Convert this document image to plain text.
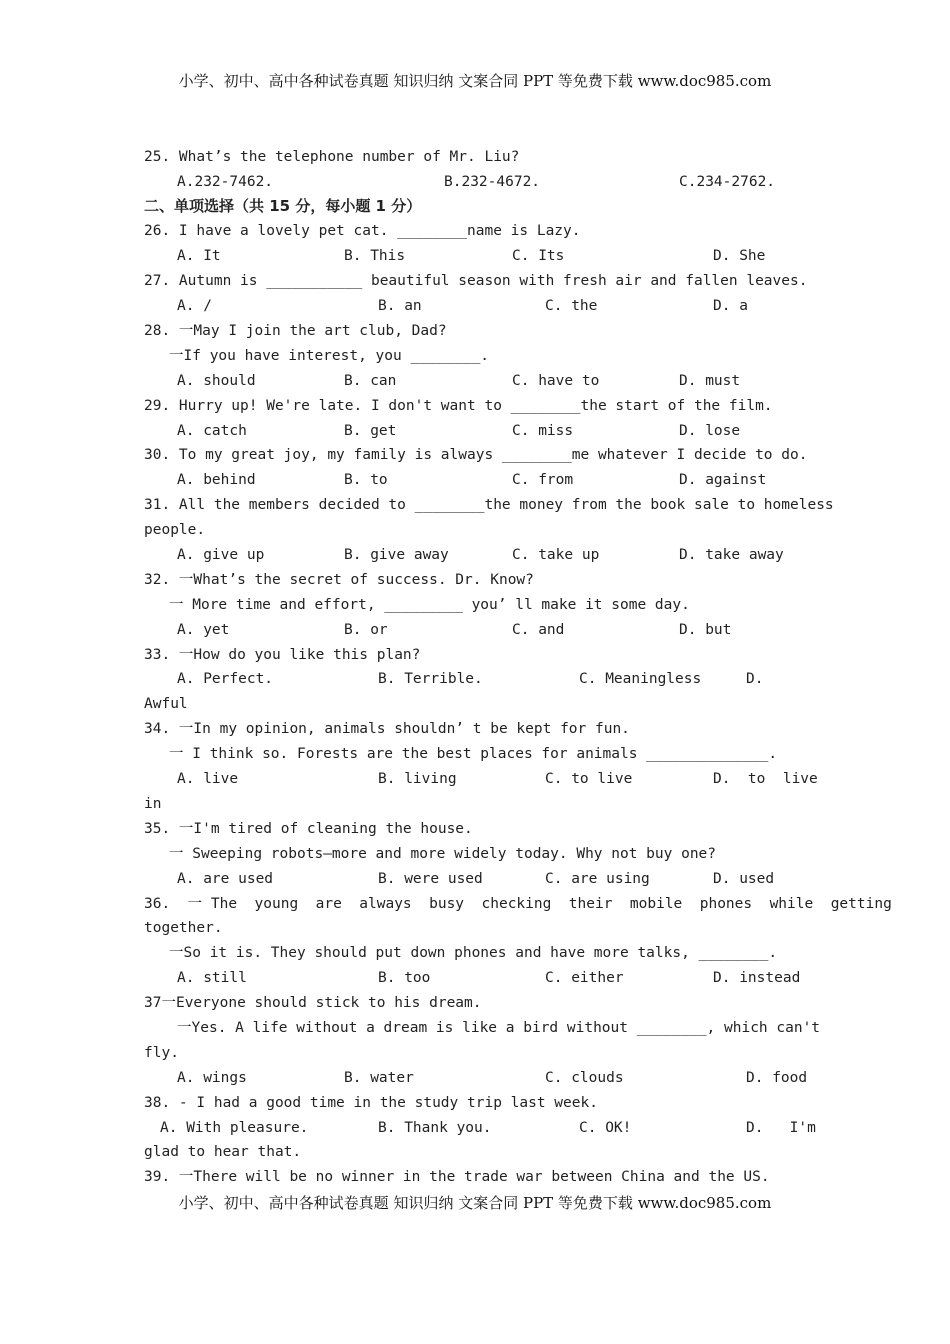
小学、初中、高中各种试卷真题 知识归纳 文案合同 PPT 等免费下载 www.doc985.com
25. What’s the telephone number of Mr. Liu?
A.232-7462.	B.232-4672.	C.234-2762.
二、单项选择（共 15 分，每小题 1 分）
26. I have a lovely pet cat. ________name is Lazy.
A. It	B. This	C. Its	D. She
27. Autumn is ___________ beautiful season with fresh air and fallen leaves.
A. /	B. an	C. the	D. a
28. 一May I join the art club, Dad?
一If you have interest, you ________.
A. should	B. can	C. have to	D. must
29. Hurry up! We're late. I don't want to ________the start of the film.
A. catch	B. get	C. miss	D. lose
30. To my great joy, my family is always ________me whatever I decide to do.
A. behind	B. to	C. from	D. against
31. All the members decided to ________the money from the book sale to homeless
people.
A. give up	B. give away	C. take up	D. take away
32. 一What’s the secret of success. Dr. Know?
一 More time and effort, _________ you’ ll make it some day.
A. yet	B. or	C. and	D. but
33. 一How do you like this plan?
A. Perfect.	B. Terrible.	C. Meaningless	D.
Awful
34. 一In my opinion, animals shouldn’ t be kept for fun.
一 I think so. Forests are the best places for animals ______________.
A. live	B. living	C. to live	D.  to  live
in
35. 一I'm tired of cleaning the house.
一 Sweeping robots—more and more widely today. Why not buy one?
A. are used	B. were used	C. are using	D. used
36.  一 The  young  are  always  busy  checking  their  mobile  phones  while  getting
together.
一So it is. They should put down phones and have more talks, ________.
A. still	B. too	C. either	D. instead
37一Everyone should stick to his dream.
一Yes. A life without a dream is like a bird without ________, which can't
fly.
A. wings	B. water	C. clouds	D. food
38. - I had a good time in the study trip last week.
A. With pleasure.	B. Thank you.	C. OK!	D.   I'm
glad to hear that.
39. 一There will be no winner in the trade war between China and the US.
小学、初中、高中各种试卷真题 知识归纳 文案合同 PPT 等免费下载 www.doc985.com
